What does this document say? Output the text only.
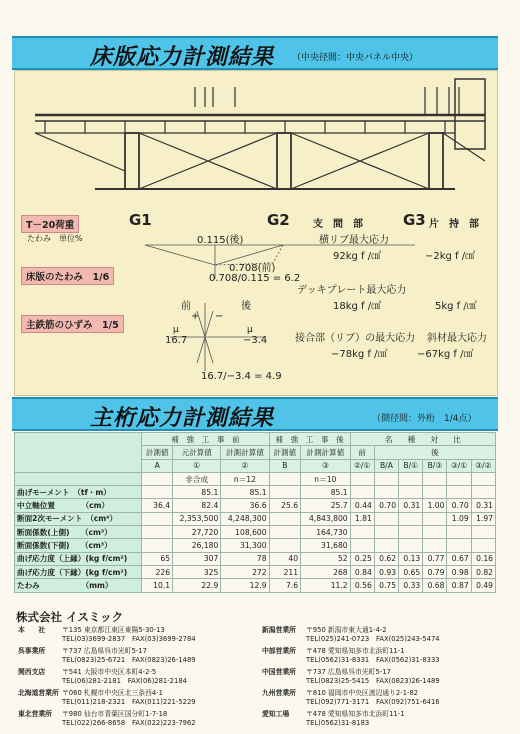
床版応力計測結果 （中央径間：中央パネル中央）
T－20荷重
たわみ　単位%
床版のたわみ　1/6
主鉄筋のひずみ　1/5
G1	G2	G3
0.115(後)
0.708(前)
0.708/0.115 = 6.2
前	後
+ −
μ
16.7
μ
−3.4
16.7/−3.4 = 4.9
支　間　部	片　持　部
横リブ最大応力
92kg f /㎠	−2kg f /㎠
デッキプレート最大応力
18kg f /㎠	5kg f /㎠
接合部（リブ）の最大応力
−78kg f /㎠
斜材最大応力
−67kg f /㎠
主桁応力計測結果	（側径間：外桁　1/4点）
	補　強　工　事　前			補　強　工　事　後		名　　種　　対　　比					
	計測値	元計算値	計測計算値	計測値	計測計算値	前	後				
	A	①	②	B	③	②/①	B/A	B/①	B/③	③/①	③/②
		非合成	n＝12		n＝10						
曲げモーメント　（tf・m）		85.1	85.1		85.1						
中立軸位置　　　　（cm）	36.4	82.4	36.6	25.6	25.7	0.44	0.70	0.31	1.00	0.70	0.31
断面2次モーメント　（cm⁴）		2,353,500	4,248,300		4,843,800	1.81				1.09	1.97
断面係数(上側)　　（cm³）		27,720	108,600		164,730						
断面係数(下側)　　（cm³）		26,180	31,300		31,680						
曲げ応力度（上縁）(kg f/cm²)	65	307	78	40	52	0.25	0.62	0.13	0.77	0.67	0.16
曲げ応力度（下縁）(kg f/cm²)	226	325	272	211	268	0.84	0.93	0.65	0.79	0.98	0.82
たわみ　　　　　　（mm）	10.1	22.9	12.9	7.6	11.2	0.56	0.75	0.33	0.68	0.87	0.49
株式会社 イスミック
本　　社 〒135 東京都江東区東陽5-30-13
TEL(03)3699-2837　FAX(03)3699-2784
呉事業所 〒737 広島県呉市光町5-17
TEL(0823)25-6721　FAX(0823)26-1489
関西支店 〒541 大阪市中央区本町4-2-5
TEL(06)281-2181　FAX(06)281-2184
北海道営業所 〒060 札幌市中央区北三条西4-1
TEL(011)218-2321　FAX(011)221-5229
東北営業所 〒980 仙台市青葉区国分町1-7-18
TEL(022)266-8658　FAX(022)223-7962
新潟営業所 〒950 新潟市東大通1-4-2
TEL(025)241-0723　FAX(025)243-5474
中部営業所 〒478 愛知県知多市北浜町11-1
TEL(0562)31-8331　FAX(0562)31-8333
中国営業所 〒737 広島県呉市光町5-17
TEL(0823)25-5415　FAX(0823)26-1489
九州営業所 〒810 福岡市中央区渡辺通り2-1-82
TEL(092)771-3171　FAX(092)751-6416
愛知工場 〒478 愛知県知多市北浜町11-1
TEL(0562)31-8183
